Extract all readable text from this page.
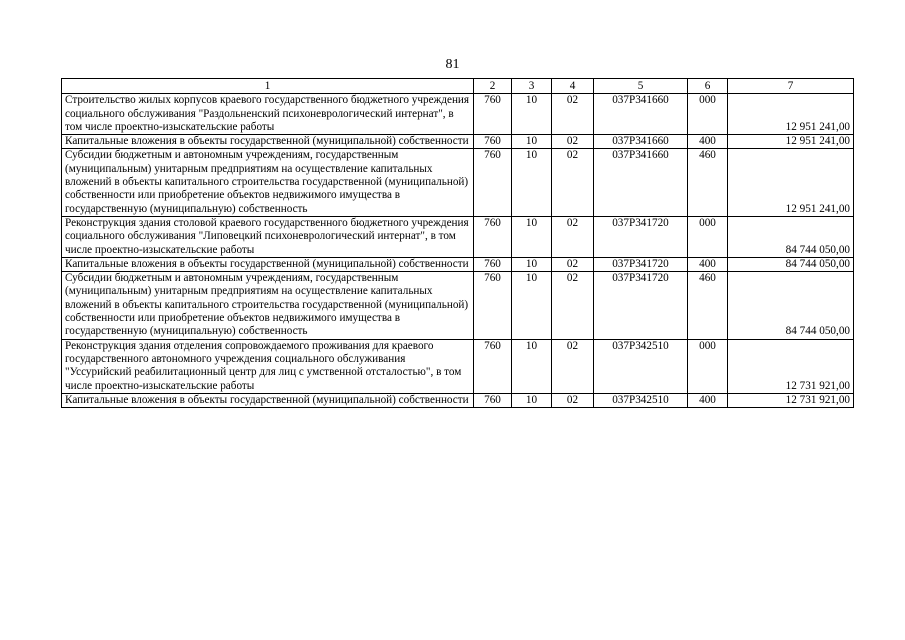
81
1	2	3	4	5	6	7
Строительство жилых корпусов краевого государственного бюджетного учреждения социального обслуживания "Раздольненский психоневрологический интернат", в том числе проектно-изыскательские работы	760	10	02	037P341660	000	12 951 241,00
Капитальные вложения в объекты государственной (муниципальной) собственности	760	10	02	037P341660	400	12 951 241,00
Субсидии бюджетным и автономным учреждениям, государственным (муниципальным) унитарным предприятиям на осуществление капитальных вложений в объекты капитального строительства государственной (муниципальной) собственности или приобретение объектов недвижимого имущества в государственную (муниципальную) собственность	760	10	02	037P341660	460	12 951 241,00
Реконструкция здания столовой краевого государственного бюджетного учреждения социального обслуживания "Липовецкий психоневрологический интернат", в том числе проектно-изыскательские работы	760	10	02	037P341720	000	84 744 050,00
Капитальные вложения в объекты государственной (муниципальной) собственности	760	10	02	037P341720	400	84 744 050,00
Субсидии бюджетным и автономным учреждениям, государственным (муниципальным) унитарным предприятиям на осуществление капитальных вложений в объекты капитального строительства государственной (муниципальной) собственности или приобретение объектов недвижимого имущества в государственную (муниципальную) собственность	760	10	02	037P341720	460	84 744 050,00
Реконструкция здания отделения сопровождаемого проживания для краевого государственного автономного учреждения социального обслуживания "Уссурийский реабилитационный центр для лиц с умственной отсталостью", в том числе проектно-изыскательские работы	760	10	02	037P342510	000	12 731 921,00
Капитальные вложения в объекты государственной (муниципальной) собственности	760	10	02	037P342510	400	12 731 921,00
